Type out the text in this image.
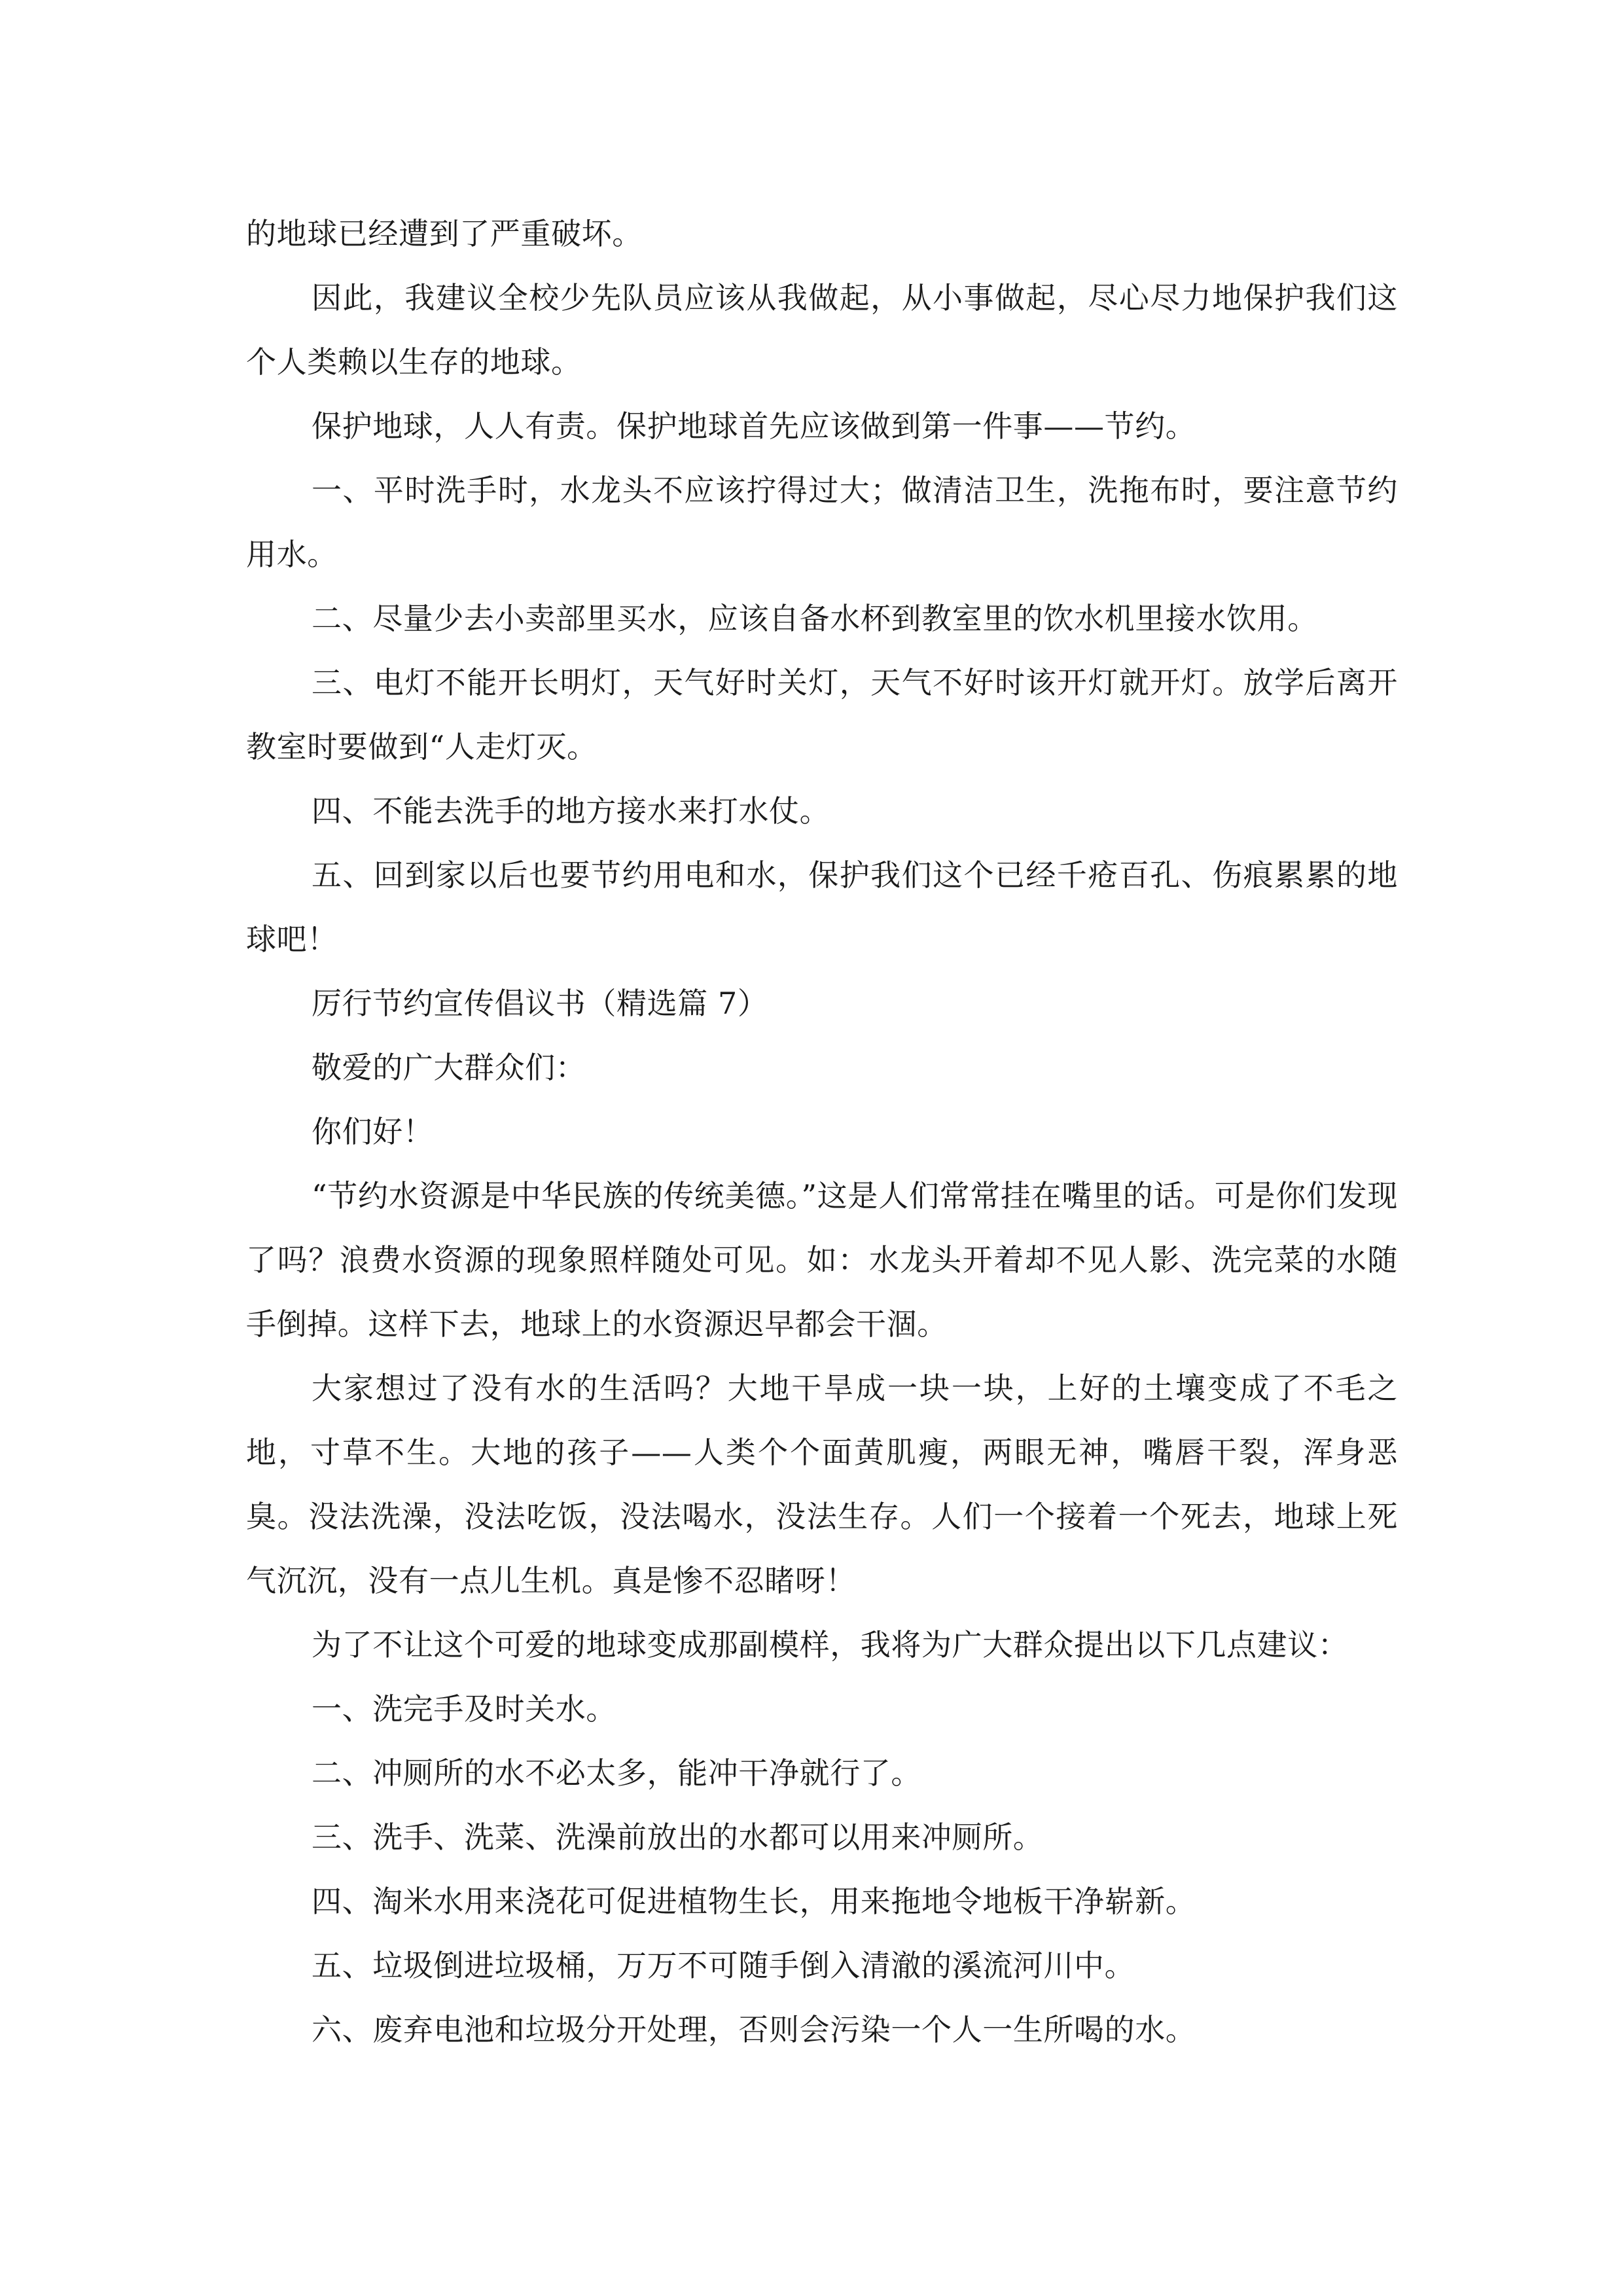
的地球已经遭到了严重破坏。

因此，我建议全校少先队员应该从我做起，从小事做起，尽心尽力地保护我们这个人类赖以生存的地球。

保护地球，人人有责。保护地球首先应该做到第一件事——节约。

一、平时洗手时，水龙头不应该拧得过大；做清洁卫生，洗拖布时，要注意节约用水。

二、尽量少去小卖部里买水，应该自备水杯到教室里的饮水机里接水饮用。

三、电灯不能开长明灯，天气好时关灯，天气不好时该开灯就开灯。放学后离开教室时要做到“人走灯灭。

四、不能去洗手的地方接水来打水仗。

五、回到家以后也要节约用电和水，保护我们这个已经千疮百孔、伤痕累累的地球吧！

厉行节约宣传倡议书（精选篇 7）

敬爱的广大群众们：

你们好！

“节约水资源是中华民族的传统美德。”这是人们常常挂在嘴里的话。可是你们发现了吗？浪费水资源的现象照样随处可见。如：水龙头开着却不见人影、洗完菜的水随手倒掉。这样下去，地球上的水资源迟早都会干涸。

大家想过了没有水的生活吗？大地干旱成一块一块，上好的土壤变成了不毛之地，寸草不生。大地的孩子——人类个个面黄肌瘦，两眼无神，嘴唇干裂，浑身恶臭。没法洗澡，没法吃饭，没法喝水，没法生存。人们一个接着一个死去，地球上死气沉沉，没有一点儿生机。真是惨不忍睹呀！

为了不让这个可爱的地球变成那副模样，我将为广大群众提出以下几点建议：

一、洗完手及时关水。

二、冲厕所的水不必太多，能冲干净就行了。

三、洗手、洗菜、洗澡前放出的水都可以用来冲厕所。

四、淘米水用来浇花可促进植物生长，用来拖地令地板干净崭新。

五、垃圾倒进垃圾桶，万万不可随手倒入清澈的溪流河川中。

六、废弃电池和垃圾分开处理，否则会污染一个人一生所喝的水。
